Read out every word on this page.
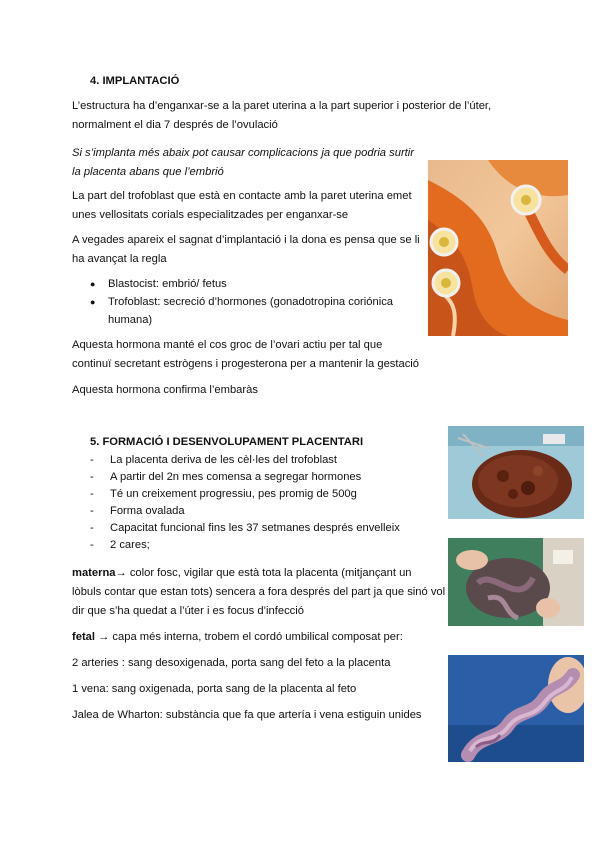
4. IMPLANTACIÓ
L’estructura ha d’enganxar-se a la paret uterina a la part superior i posterior de l’úter,
normalment el dia 7 després de l’ovulació
Si s’implanta més abaix pot causar complicacions ja que podria surtir
la placenta abans que l’embrió
La part del trofoblast que està en contacte amb la paret uterina emet
unes vellositats corials especialitzades per enganxar-se
A vegades apareix el sagnat d’implantació i la dona es pensa que se li
ha avançat la regla
● Blastocist: embrió/ fetus
● Trofoblast: secreció d’hormones (gonadotropina coriónica
humana)
Aquesta hormona manté el cos groc de l’ovari actiu per tal que
continuï secretant estrògens i progesterona per a mantenir la gestació
Aquesta hormona confirma l’embaràs
5. FORMACIÓ I DESENVOLUPAMENT PLACENTARI
- La placenta deriva de les cèl·les del trofoblast
- A partir del 2n mes comensa a segregar hormones
- Té un creixement progressiu, pes promig de 500g
- Forma ovalada
- Capacitat funcional fins les 37 setmanes després envelleix
- 2 cares;
materna→ color fosc, vigilar que està tota la placenta (mitjançant un
lòbuls contar que estan tots) sencera a fora després del part ja que sinó vol
dir que s’ha quedat a l’úter i es focus d’infecció
fetal → capa més interna, trobem el cordó umbilical composat per:
2 arteries : sang desoxigenada, porta sang del feto a la placenta
1 vena: sang oxigenada, porta sang de la placenta al feto
Jalea de Wharton: substància que fa que artería i vena estiguin unides
